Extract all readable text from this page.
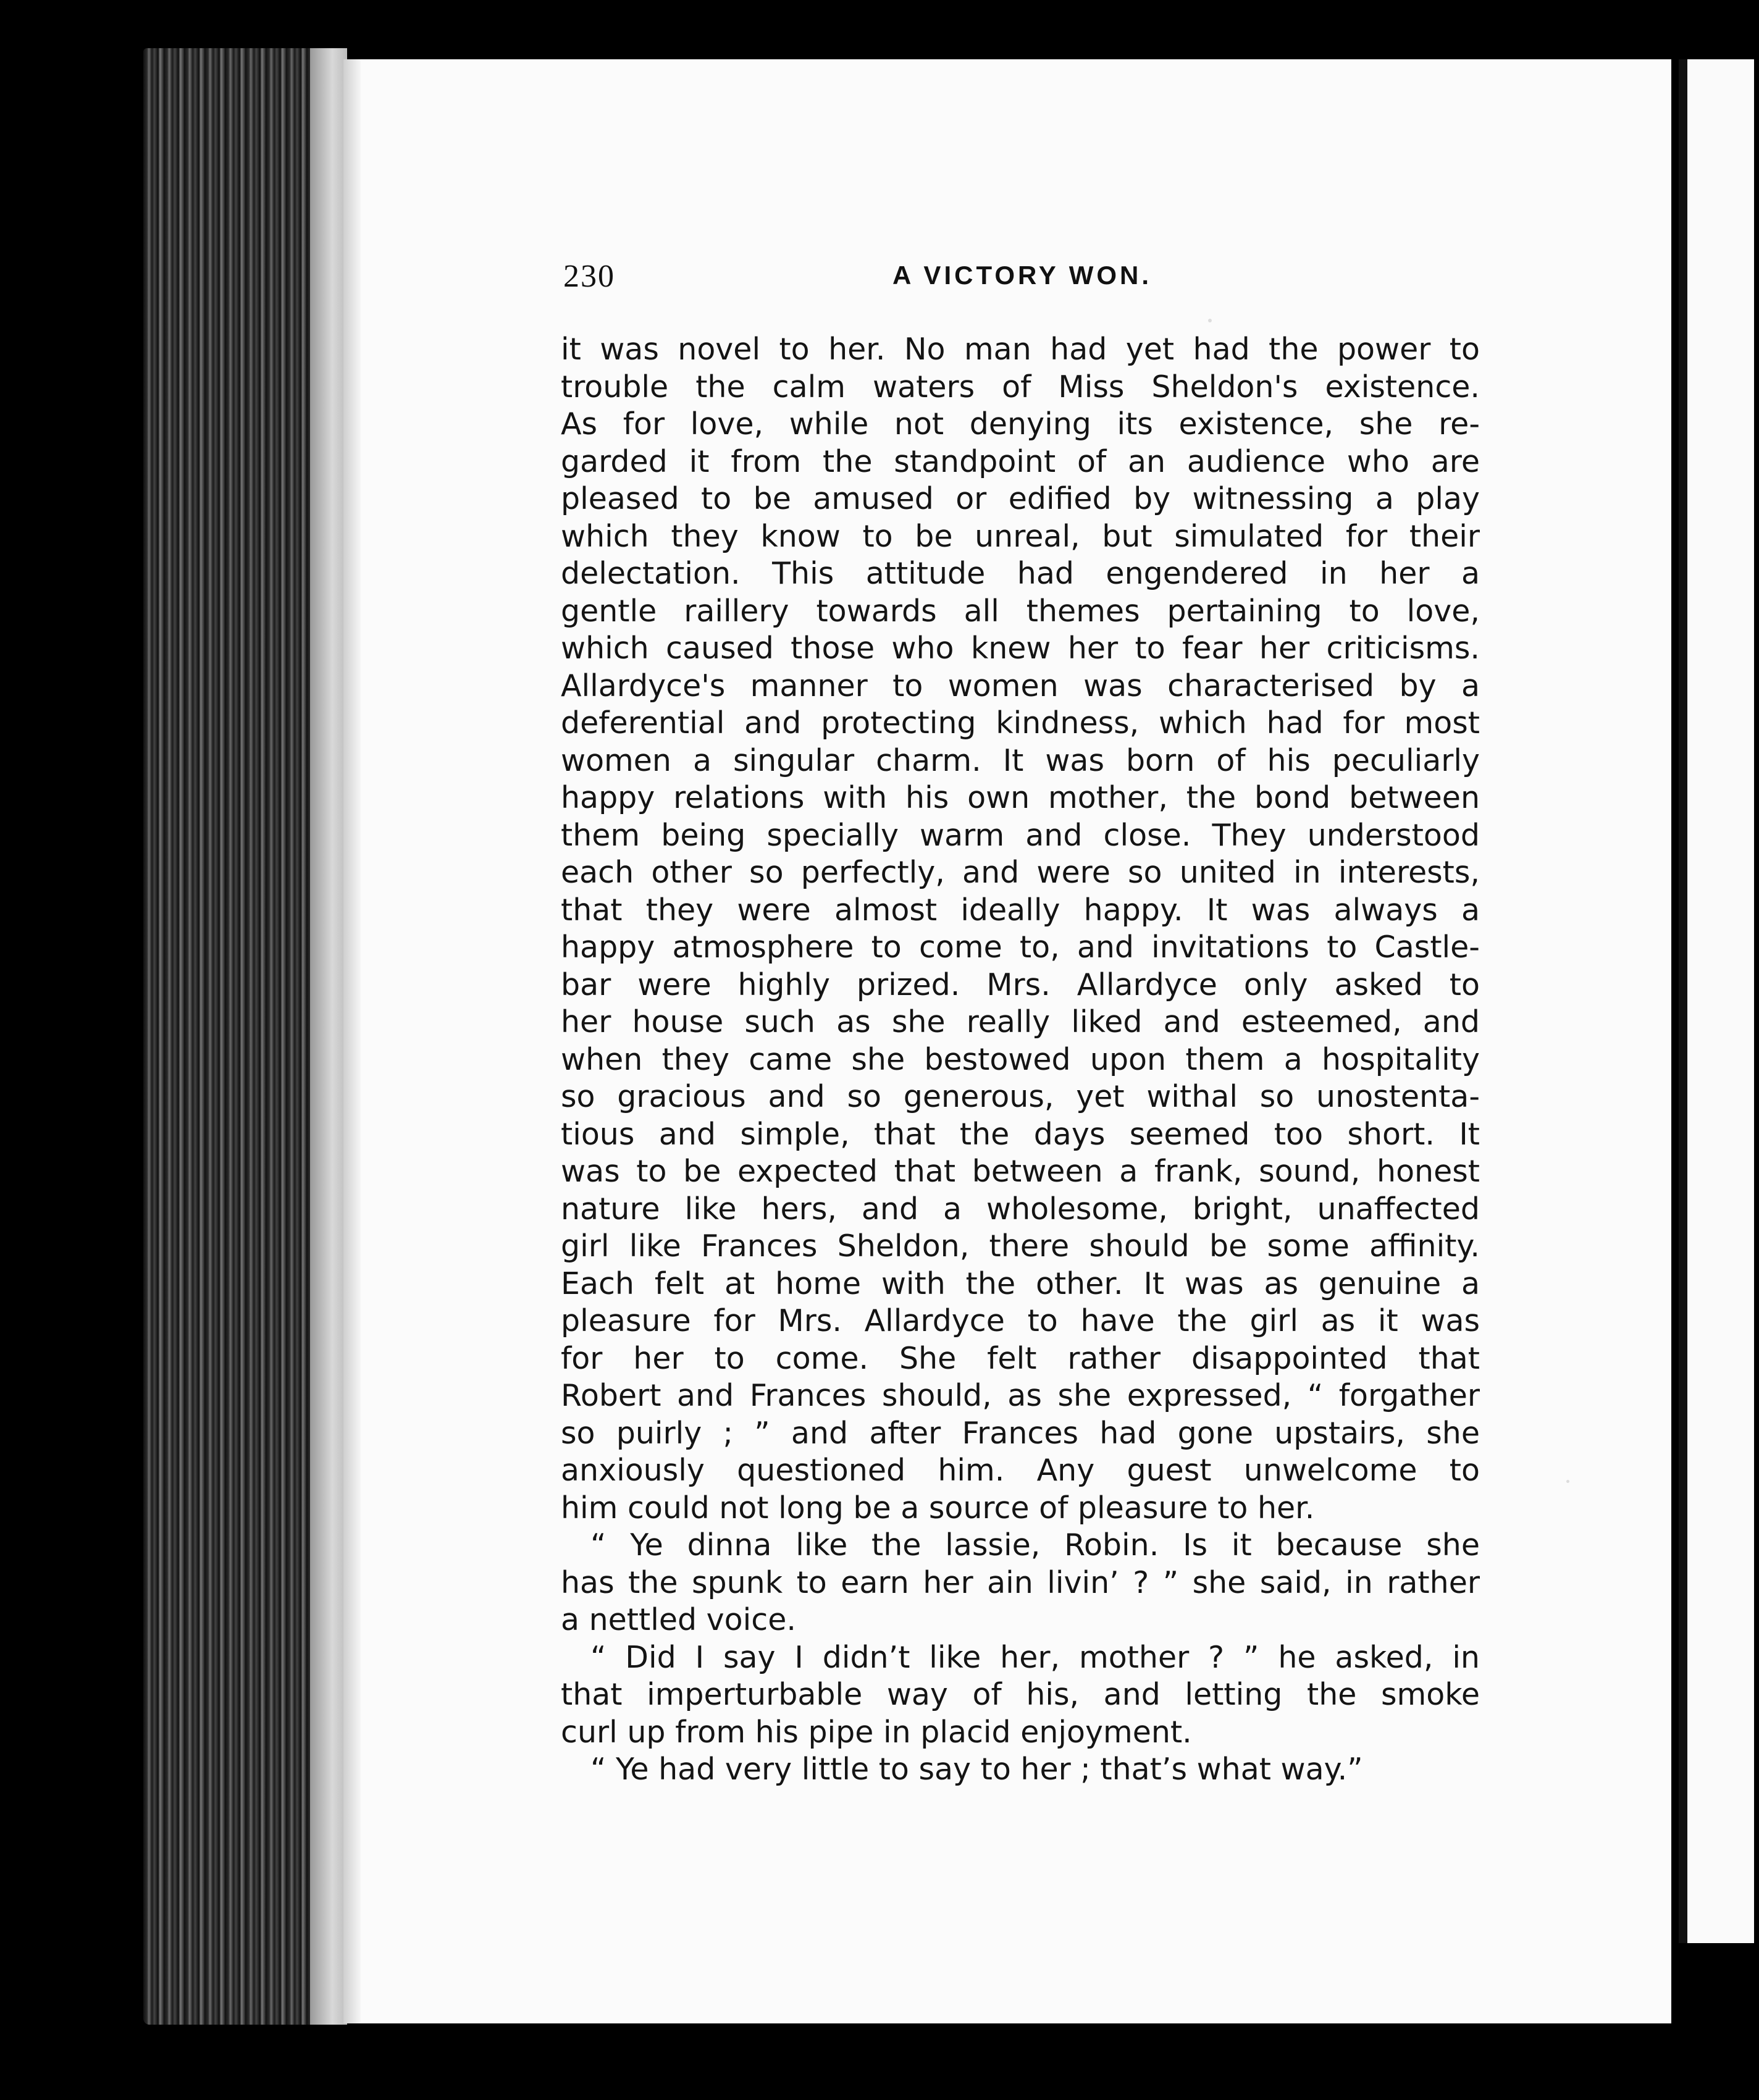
230	A VICTORY WON.
it was novel to her. No man had yet had the power to
trouble the calm waters of Miss Sheldon's existence.
As for love, while not denying its existence, she re-
garded it from the standpoint of an audience who are
pleased to be amused or edified by witnessing a play
which they know to be unreal, but simulated for their
delectation. This attitude had engendered in her a
gentle raillery towards all themes pertaining to love,
which caused those who knew her to fear her criticisms.
Allardyce's manner to women was characterised by a
deferential and protecting kindness, which had for most
women a singular charm. It was born of his peculiarly
happy relations with his own mother, the bond between
them being specially warm and close. They understood
each other so perfectly, and were so united in interests,
that they were almost ideally happy. It was always a
happy atmosphere to come to, and invitations to Castle-
bar were highly prized. Mrs. Allardyce only asked to
her house such as she really liked and esteemed, and
when they came she bestowed upon them a hospitality
so gracious and so generous, yet withal so unostenta-
tious and simple, that the days seemed too short. It
was to be expected that between a frank, sound, honest
nature like hers, and a wholesome, bright, unaffected
girl like Frances Sheldon, there should be some affinity.
Each felt at home with the other. It was as genuine a
pleasure for Mrs. Allardyce to have the girl as it was
for her to come. She felt rather disappointed that
Robert and Frances should, as she expressed, “ forgather
so puirly ; ” and after Frances had gone upstairs, she
anxiously questioned him. Any guest unwelcome to
him could not long be a source of pleasure to her.
“ Ye dinna like the lassie, Robin. Is it because she
has the spunk to earn her ain livin’ ? ” she said, in rather
a nettled voice.
“ Did I say I didn’t like her, mother ? ” he asked, in
that imperturbable way of his, and letting the smoke
curl up from his pipe in placid enjoyment.
“ Ye had very little to say to her ; that’s what way.”
